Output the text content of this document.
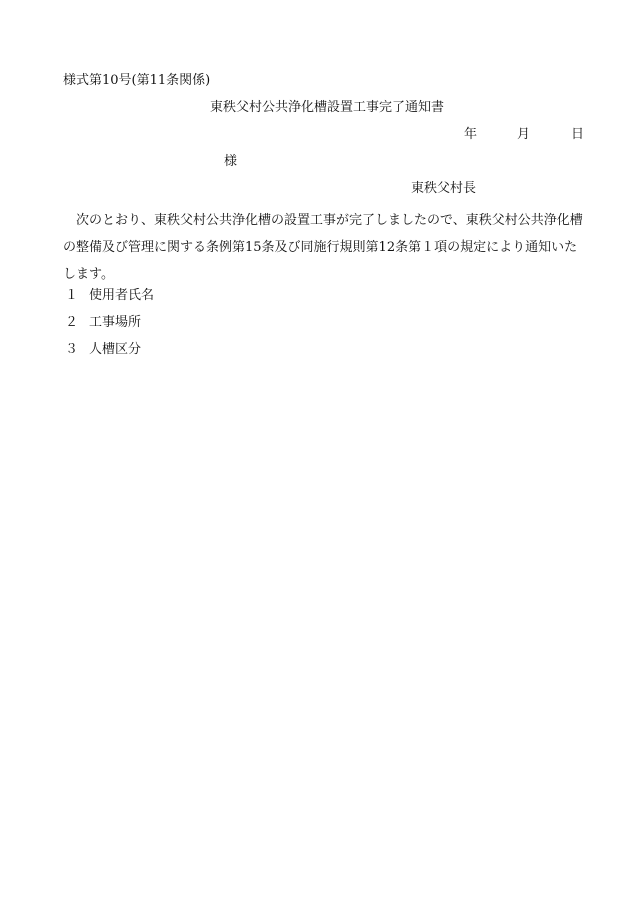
様式第10号(第11条関係)
東秩父村公共浄化槽設置工事完了通知書
年	月	日
様
東秩父村長
次のとおり、東秩父村公共浄化槽の設置工事が完了しましたので、東秩父村公共浄化槽の整備及び管理に関する条例第15条及び同施行規則第12条第１項の規定により通知いたします。
１ 使用者氏名
２ 工事場所
３ 人槽区分
